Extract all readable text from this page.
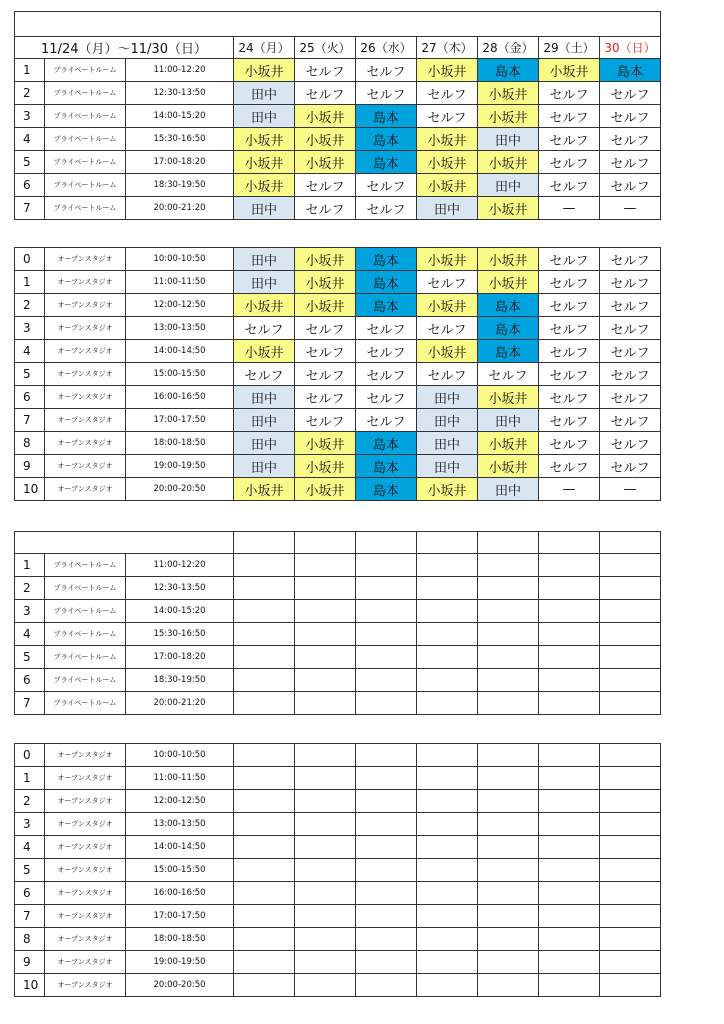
11/24（月）〜11/30（日）			24（月）	25（火）	26（水）	27（木）	28（金）	29（土）	30（日）
1	プライベートルーム	11:00-12:20	小坂井	セルフ	セルフ	小坂井	島本	小坂井	島本
2	プライベートルーム	12:30-13:50	田中	セルフ	セルフ	セルフ	小坂井	セルフ	セルフ
3	プライベートルーム	14:00-15:20	田中	小坂井	島本	セルフ	小坂井	セルフ	セルフ
4	プライベートルーム	15:30-16:50	小坂井	小坂井	島本	小坂井	田中	セルフ	セルフ
5	プライベートルーム	17:00-18:20	小坂井	小坂井	島本	小坂井	小坂井	セルフ	セルフ
6	プライベートルーム	18:30-19:50	小坂井	セルフ	セルフ	小坂井	田中	セルフ	セルフ
7	プライベートルーム	20:00-21:20	田中	セルフ	セルフ	田中	小坂井	—	—
0	オープンスタジオ	10:00-10:50	田中	小坂井	島本	小坂井	小坂井	セルフ	セルフ
1	オープンスタジオ	11:00-11:50	田中	小坂井	島本	セルフ	小坂井	セルフ	セルフ
2	オープンスタジオ	12:00-12:50	小坂井	小坂井	島本	小坂井	島本	セルフ	セルフ
3	オープンスタジオ	13:00-13:50	セルフ	セルフ	セルフ	セルフ	島本	セルフ	セルフ
4	オープンスタジオ	14:00-14:50	小坂井	セルフ	セルフ	小坂井	島本	セルフ	セルフ
5	オープンスタジオ	15:00-15:50	セルフ	セルフ	セルフ	セルフ	セルフ	セルフ	セルフ
6	オープンスタジオ	16:00-16:50	田中	セルフ	セルフ	田中	小坂井	セルフ	セルフ
7	オープンスタジオ	17:00-17:50	田中	セルフ	セルフ	田中	田中	セルフ	セルフ
8	オープンスタジオ	18:00-18:50	田中	小坂井	島本	田中	小坂井	セルフ	セルフ
9	オープンスタジオ	19:00-19:50	田中	小坂井	島本	田中	小坂井	セルフ	セルフ
10	オープンスタジオ	20:00-20:50	小坂井	小坂井	島本	小坂井	田中	—	—

1	プライベートルーム	11:00-12:20							
2	プライベートルーム	12:30-13:50							
3	プライベートルーム	14:00-15:20							
4	プライベートルーム	15:30-16:50							
5	プライベートルーム	17:00-18:20							
6	プライベートルーム	18:30-19:50							
7	プライベートルーム	20:00-21:20							
0	オープンスタジオ	10:00-10:50							
1	オープンスタジオ	11:00-11:50							
2	オープンスタジオ	12:00-12:50							
3	オープンスタジオ	13:00-13:50							
4	オープンスタジオ	14:00-14:50							
5	オープンスタジオ	15:00-15:50							
6	オープンスタジオ	16:00-16:50							
7	オープンスタジオ	17:00-17:50							
8	オープンスタジオ	18:00-18:50							
9	オープンスタジオ	19:00-19:50							
10	オープンスタジオ	20:00-20:50							
